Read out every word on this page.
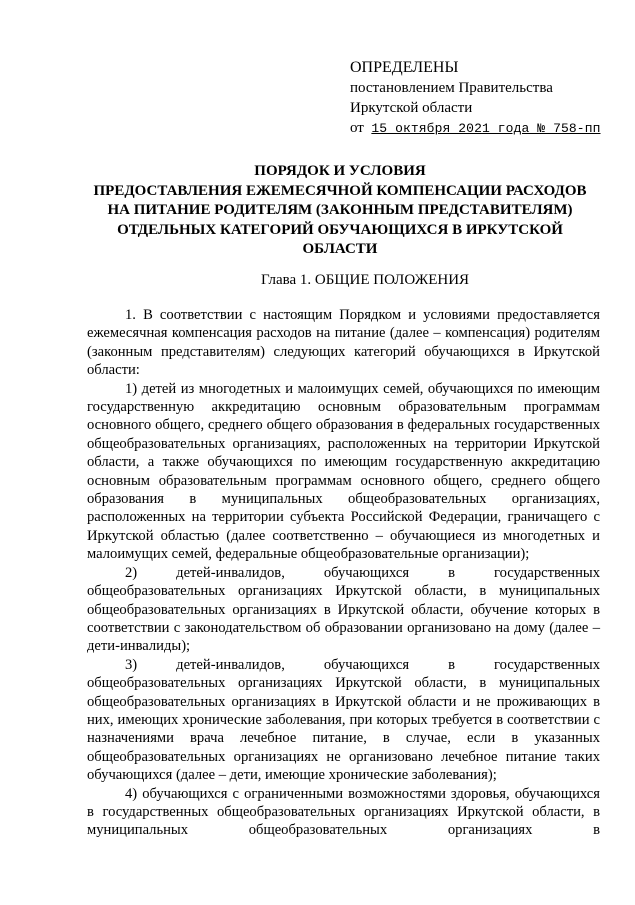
ОПРЕДЕЛЕНЫ
постановлением Правительства
Иркутской области
от 15 октября 2021 года № 758-пп
ПОРЯДОК И УСЛОВИЯ
ПРЕДОСТАВЛЕНИЯ ЕЖЕМЕСЯЧНОЙ КОМПЕНСАЦИИ РАСХОДОВ
НА ПИТАНИЕ РОДИТЕЛЯМ (ЗАКОННЫМ ПРЕДСТАВИТЕЛЯМ)
ОТДЕЛЬНЫХ КАТЕГОРИЙ ОБУЧАЮЩИХСЯ В ИРКУТСКОЙ
ОБЛАСТИ
Глава 1. ОБЩИЕ ПОЛОЖЕНИЯ

1. В соответствии с настоящим Порядком и условиями предоставляется ежемесячная компенсация расходов на питание (далее – компенсация) родителям (законным представителям) следующих категорий обучающихся в Иркутской области:

1) детей из многодетных и малоимущих семей, обучающихся по имеющим государственную аккредитацию основным образовательным программам основного общего, среднего общего образования в федеральных государственных общеобразовательных организациях, расположенных на территории Иркутской области, а также обучающихся по имеющим государственную аккредитацию основным образовательным программам основного общего, среднего общего образования в муниципальных общеобразовательных организациях, расположенных на территории субъекта Российской Федерации, граничащего с Иркутской областью (далее соответственно – обучающиеся из многодетных и малоимущих семей, федеральные общеобразовательные организации);

2) детей-инвалидов, обучающихся в государственных общеобразовательных организациях Иркутской области, в муниципальных общеобразовательных организациях в Иркутской области, обучение которых в соответствии с законодательством об образовании организовано на дому (далее – дети-инвалиды);

3) детей-инвалидов, обучающихся в государственных общеобразовательных организациях Иркутской области, в муниципальных общеобразовательных организациях в Иркутской области и не проживающих в них, имеющих хронические заболевания, при которых требуется в соответствии с назначениями врача лечебное питание, в случае, если в указанных общеобразовательных организациях не организовано лечебное питание таких обучающихся (далее – дети, имеющие хронические заболевания);

4) обучающихся с ограниченными возможностями здоровья, обучающихся в государственных общеобразовательных организациях Иркутской области, в муниципальных общеобразовательных организациях в
